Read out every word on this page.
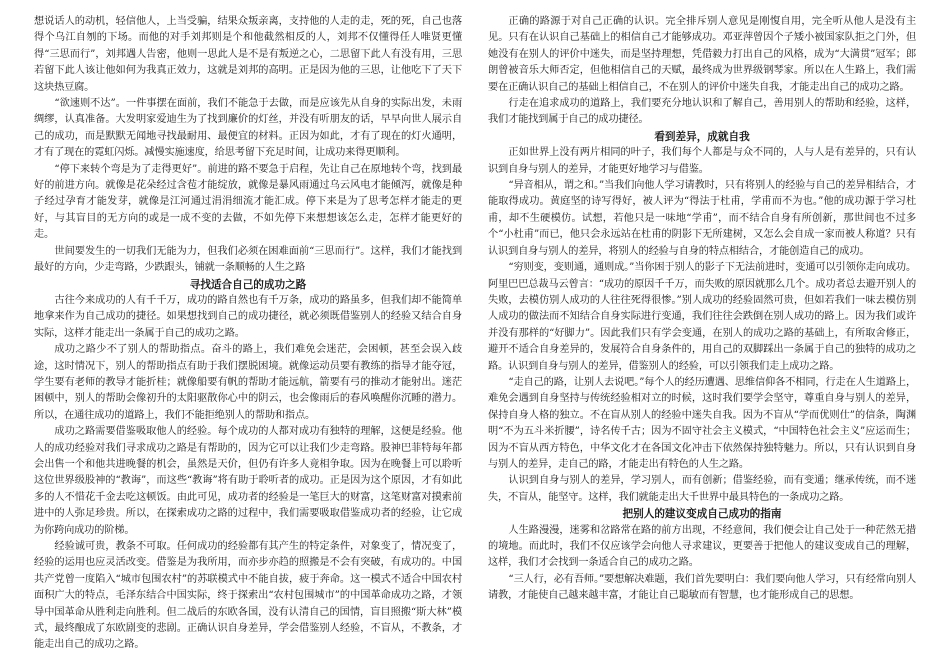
想说话人的动机，轻信他人，上当受骗，结果众叛亲离，支持他的人走的走，死的死，自己也落得个乌江自刎的下场。而他的对手刘邦则是个和他截然相反的人，刘邦不仅懂得任人唯贤更懂得“三思而行”，刘邦遇人告密，他则一思此人是不是有叛逆之心，二思留下此人有没有用，三思若留下此人该让他如何为我真正效力，这就是刘邦的高明。正是因为他的三思，让他吃下了天下这块热豆腐。

“欲速则不达”。一件事摆在面前，我们不能急于去做，而是应该先从自身的实际出发，未雨绸缪，认真准备。大发明家爱迪生为了找到廉价的灯丝，并没有听朋友的话，早早向世人展示自己的成功，而是默默无闻地寻找最耐用、最便宜的材料。正因为如此，才有了现在的灯火通明，才有了现在的霓虹闪烁。减慢实施速度，给思考留下充足时间，让成功来得更顺利。

“停下来转个弯是为了走得更好”。前进的路不要急于启程，先让自己在原地转个弯，找到最好的前进方向。就像是花朵经过含苞才能绽放，就像是暴风雨通过乌云风电才能倾泻，就像是种子经过孕育才能发芽，就像是江河通过涓涓细流才能汇成。停下来是为了思考怎样才能走的更好，与其盲目的无方向的或是一成不变的去做，不如先停下来想想该怎么走，怎样才能更好的走。

世间要发生的一切我们无能为力，但我们必须在困难面前“三思而行”。这样，我们才能找到最好的方向，少走弯路，少跌跟头，铺就一条顺畅的人生之路

寻找适合自己的成功之路

古往今来成功的人有千千万，成功的路自然也有千万条，成功的路虽多，但我们却不能简单地拿来作为自己成功的捷径。如果想找到自己的成功捷径，就必须既借鉴别人的经验又结合自身实际，这样才能走出一条属于自己的成功之路。

成功之路少不了别人的帮助指点。奋斗的路上，我们难免会迷茫，会困顿，甚至会误入歧途，这时情况下，别人的帮助指点有助于我们摆脱困境。就像运动员要有教练的指导才能夺冠，学生要有老师的教导才能折桂；就像船要有帆的帮助才能远航，箭要有弓的推动才能射出。迷茫困顿中，别人的帮助会像初升的太阳驱散你心中的阴云，也会像雨后的春风唤醒你沉睡的潜力。所以，在通往成功的道路上，我们不能拒绝别人的帮助和指点。

成功之路需要借鉴吸取他人的经验。每个成功的人都对成功有独特的理解，这便是经验。他人的成功经验对我们寻求成功之路是有帮助的，因为它可以让我们少走弯路。股神巴菲特每年都会出售一个和他共进晚餐的机会，虽然是天价，但仍有许多人竟相争取。因为在晚餐上可以聆听这位世界级股神的“教诲”，而这些“教诲”将有助于聆听者的成功。正是因为这个原因，才有如此多的人不惜花千金去吃这顿饭。由此可见，成功者的经验是一笔巨大的财富，这笔财富对摸索前进中的人弥足珍贵。所以，在探索成功之路的过程中，我们需要吸取借鉴成功者的经验，让它成为你跨向成功的阶梯。

经验诚可贵，教条不可取。任何成功的经验都有其产生的特定条件，对象变了，情况变了，经验的运用也应灵活改变。借鉴是为我所用，而亦步亦趋的照搬是不会有突破，有成功的。中国共产党曾一度陷入“城市包围农村”的苏联模式中不能自拔，疲于奔命。这一模式不适合中国农村面积广大的特点，毛泽东结合中国实际，终于探索出“农村包围城市”的中国革命成功之路，才领导中国革命从胜利走向胜利。但二战后的东欧各国，没有认清自己的国情，盲目照搬“斯大林”模式，最终酿成了东欧剧变的悲剧。正确认识自身差异，学会借鉴别人经验，不盲从，不教条，才能走出自己的成功之路。

正确的路源于对自己正确的认识。完全排斥别人意见是刚愎自用，完全听从他人是没有主见。只有在认识自己基础上的相信自己才能够成功。邓亚萍曾因个子矮小被国家队拒之门外，但她没有在别人的评价中迷失，而是坚持理想，凭借毅力打出自己的风格，成为“大满贯”冠军；郎朗曾被音乐大师否定，但他相信自己的天赋，最终成为世界级钢琴家。所以在人生路上，我们需要在正确认识自己的基础上相信自己，不在别人的评价中迷失自我，才能走出自己的成功之路。

行走在追求成功的道路上，我们要充分地认识和了解自己，善用别人的帮助和经验，这样，我们才能找到属于自己的成功捷径。

看到差异，成就自我

正如世界上没有两片相同的叶子，我们每个人都是与众不同的，人与人是有差异的，只有认识到自身与别人的差异，才能更好地学习与借鉴。

“异音相从，谓之和。”当我们向他人学习请教时，只有将别人的经验与自己的差异相结合，才能取得成功。黄庭坚的诗写得好，被人评为“得法于杜甫，学甫而不为也。”他的成功源于学习杜甫，却不生硬模仿。试想，若他只是一味地“学甫”，而不结合自身有所创新，那世间也不过多个“小杜甫”而已，他只会永远站在杜甫的阴影下无所建树，又怎么会自成一家而被人称道？只有认识到自身与别人的差异，将别人的经验与自身的特点相结合，才能创造自己的成功。

“穷则变，变则通，通则成。”当你困于别人的影子下无法前进时，变通可以引领你走向成功。阿里巴巴总裁马云曾言：“成功的原因千千万，而失败的原因就那么几个。成功者总去避开别人的失败，去模仿别人成功的人往往死得很惨。”别人成功的经验固然可贵，但如若我们一味去模仿别人成功的做法而不知结合自身实际进行变通，我们往往会跌倒在别人成功的路上。因为我们或许并没有那样的“好脚力”。因此我们只有学会变通，在别人的成功之路的基础上，有所取舍修正，避开不适合自身差异的，发展符合自身条件的，用自己的双脚踩出一条属于自己的独特的成功之路。认识到自身与别人的差异，借鉴别人的经验，可以引领我们走上成功之路。

“走自己的路，让别人去说吧。”每个人的经历遭遇、思维信仰各不相同，行走在人生道路上，难免会遇到自身坚持与传统经验相对立的时候，这时我们要学会坚守，尊重自身与别人的差异，保持自身人格的独立。不在盲从别人的经验中迷失自我。因为不盲从“学而优则仕”的信条，陶渊明“不为五斗米折腰”，诗名传千古；因为不固守社会主义模式，“中国特色社会主义”应运而生；因为不盲从西方特色，中华文化才在各国文化冲击下依然保持独特魅力。所以，只有认识到自身与别人的差异，走自己的路，才能走出有特色的人生之路。

认识到自身与别人的差异，学习别人，而有创新；借鉴经验，而有变通；继承传统，而不迷失，不盲从，能坚守。这样，我们就能走出大千世界中最具特色的一条成功之路。

把别人的建议变成自己成功的指南

人生路漫漫，迷雾和岔路常在路的前方出现，不经意间，我们便会让自己处于一种茫然无措的境地。而此时，我们不仅应该学会向他人寻求建议，更要善于把他人的建议变成自己的理解，这样，我们才会找到一条适合自己的成功之路。

“三人行，必有吾师。”要想解决难题，我们首先要明白：我们要向他人学习，只有经常向别人请教，才能使自己越来越丰富，才能让自己聪敏而有智慧，也才能形成自己的思想。
